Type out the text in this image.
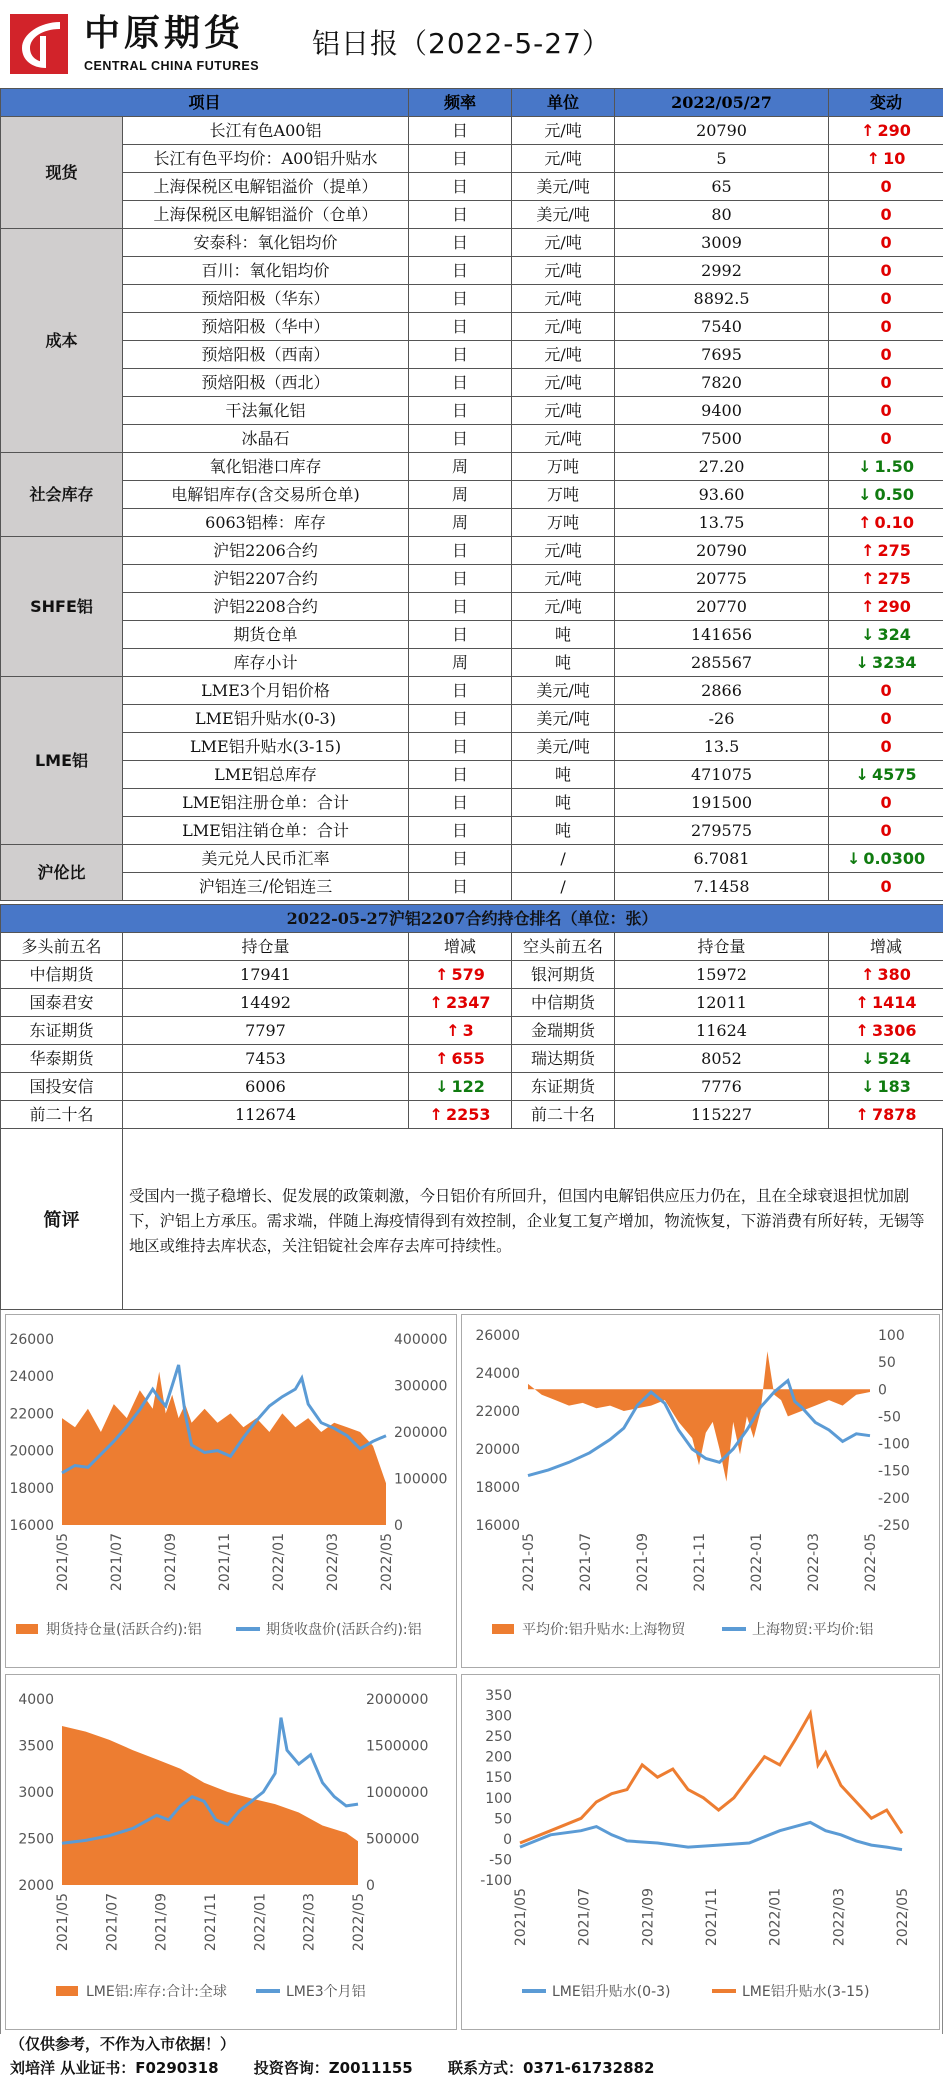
中原期货
CENTRAL CHINA FUTURES
铝日报（2022-5-27）
项目		频率	单位	2022/05/27	变动
现货	长江有色A00铝	日	元/吨	20790	↑ 290
	长江有色平均价：A00铝升贴水	日	元/吨	5	↑ 10
	上海保税区电解铝溢价（提单）	日	美元/吨	65	0
	上海保税区电解铝溢价（仓单）	日	美元/吨	80	0
成本	安泰科：氧化铝均价	日	元/吨	3009	0
	百川：氧化铝均价	日	元/吨	2992	0
	预焙阳极（华东）	日	元/吨	8892.5	0
	预焙阳极（华中）	日	元/吨	7540	0
	预焙阳极（西南）	日	元/吨	7695	0
	预焙阳极（西北）	日	元/吨	7820	0
	干法氟化铝	日	元/吨	9400	0
	冰晶石	日	元/吨	7500	0
社会库存	氧化铝港口库存	周	万吨	27.20	↓ 1.50
	电解铝库存(含交易所仓单)	周	万吨	93.60	↓ 0.50
	6063铝棒：库存	周	万吨	13.75	↑ 0.10
SHFE铝	沪铝2206合约	日	元/吨	20790	↑ 275
	沪铝2207合约	日	元/吨	20775	↑ 275
	沪铝2208合约	日	元/吨	20770	↑ 290
	期货仓单	日	吨	141656	↓ 324
	库存小计	周	吨	285567	↓ 3234
LME铝	LME3个月铝价格	日	美元/吨	2866	0
	LME铝升贴水(0-3)	日	美元/吨	-26	0
	LME铝升贴水(3-15)	日	美元/吨	13.5	0
	LME铝总库存	日	吨	471075	↓ 4575
	LME铝注册仓单：合计	日	吨	191500	0
	LME铝注销仓单：合计	日	吨	279575	0
沪伦比	美元兑人民币汇率	日	/	6.7081	↓ 0.0300
	沪铝连三/伦铝连三	日	/	7.1458	0
2022-05-27沪铝2207合约持仓排名（单位：张）					
多头前五名	持仓量	增减	空头前五名	持仓量	增减
中信期货	17941	↑ 579	银河期货	15972	↑ 380
国泰君安	14492	↑ 2347	中信期货	12011	↑ 1414
东证期货	7797	↑ 3	金瑞期货	11624	↑ 3306
华泰期货	7453	↑ 655	瑞达期货	8052	↓ 524
国投安信	6006	↓ 122	东证期货	7776	↓ 183
前二十名	112674	↑ 2253	前二十名	115227	↑ 7878
简评
受国内一揽子稳增长、促发展的政策刺激，今日铝价有所回升，但国内电解铝供应压力仍在，且在全球衰退担忧加剧下，沪铝上方承压。需求端，伴随上海疫情得到有效控制，企业复工复产增加，物流恢复，下游消费有所好转，无锡等地区或维持去库状态，关注铝锭社会库存去库可持续性。
26000
24000
22000
20000
18000
16000
400000
300000
200000
100000
0
2021/05	2021/07	2021/09	2021/11	2022/01	2022/03	2022/05
期货持仓量(活跃合约):铝	期货收盘价(活跃合约):铝
26000
24000
22000
20000
18000
16000
100
50
0
-50
-100
-150
-200
-250
2021-05	2021-07	2021-09	2021-11	2022-01	2022-03	2022-05
平均价:铝升贴水:上海物贸	上海物贸:平均价:铝
4000
3500
3000
2500
2000
2000000
1500000
1000000
500000
0
2021/05 2021/07 2021/09 2021/11 2022/01 2022/03 2022/05
LME铝:库存:合计:全球	LME3个月铝
350
300
250
200
150
100
50
0
-50
-100
2021/05	2021/07	2021/09	2021/11	2022/01	2022/03	2022/05
LME铝升贴水(0-3)	LME铝升贴水(3-15)
（仅供参考，不作为入市依据！）
刘培洋 从业证书：F0290318 投资咨询：Z0011155 联系方式：0371-61732882
